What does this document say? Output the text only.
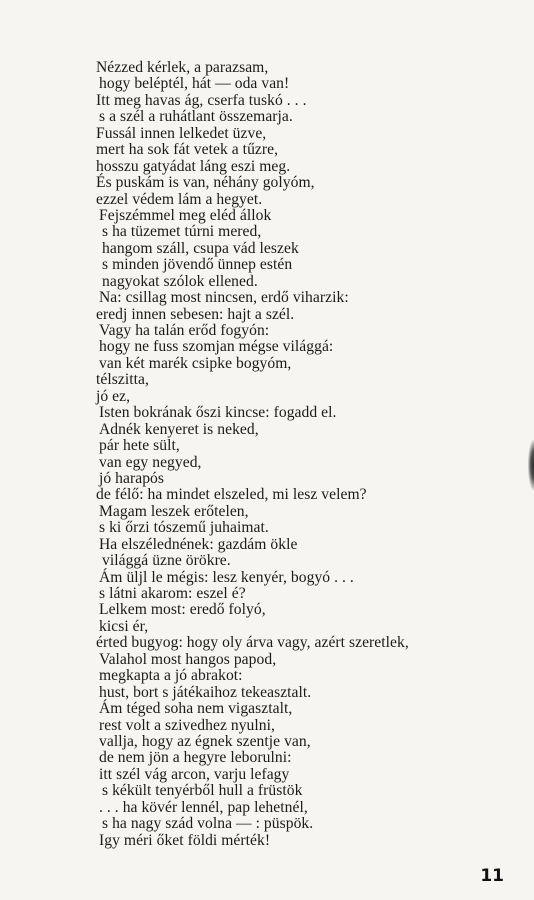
Nézzed kérlek, a parazsam,
hogy beléptél, hát — oda van!
Itt meg havas ág, cserfa tuskó . . .
s a szél a ruhátlant összemarja.
Fussál innen lelkedet üzve,
mert ha sok fát vetek a tűzre,
hosszu gatyádat láng eszi meg.
És puskám is van, néhány golyóm,
ezzel védem lám a hegyet.
Fejszémmel meg eléd állok
s ha tüzemet túrni mered,
hangom száll, csupa vád leszek
s minden jövendő ünnep estén
nagyokat szólok ellened.
Na: csillag most nincsen, erdő viharzik:
eredj innen sebesen: hajt a szél.
Vagy ha talán erőd fogyón:
hogy ne fuss szomjan mégse világgá:
van két marék csipke bogyóm,
télszitta,
jó ez,
Isten bokrának őszi kincse: fogadd el.
Adnék kenyeret is neked,
pár hete sült,
van egy negyed,
jó harapós
de félő: ha mindet elszeled, mi lesz velem?
Magam leszek erőtelen,
s ki őrzi tószemű juhaimat.
Ha elszélednének: gazdám ökle
világgá üzne örökre.
Ám üljl le mégis: lesz kenyér, bogyó . . .
s látni akarom: eszel é?
Lelkem most: eredő folyó,
kicsi ér,
érted bugyog: hogy oly árva vagy, azért szeretlek,
Valahol most hangos papod,
megkapta a jó abrakot:
hust, bort s játékaihoz tekeasztalt.
Ám téged soha nem vigasztalt,
rest volt a szivedhez nyulni,
vallja, hogy az égnek szentje van,
de nem jön a hegyre leborulni:
itt szél vág arcon, varju lefagy
s kékült tenyérből hull a früstök
. . . ha kövér lennél, pap lehetnél,
s ha nagy szád volna — : püspök.
Igy méri őket földi mérték!
11
